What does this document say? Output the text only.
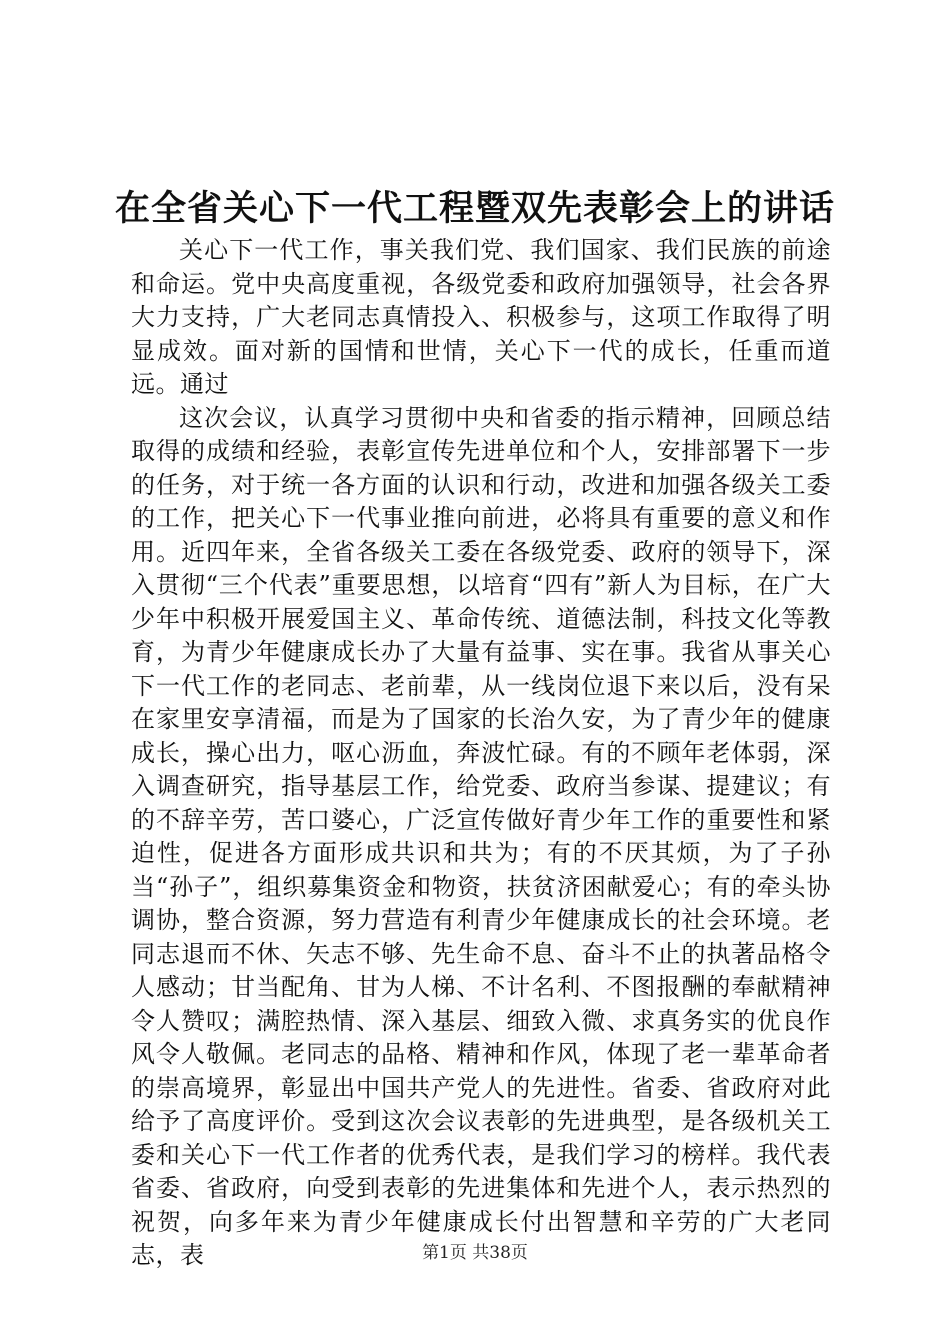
在全省关心下一代工程暨双先表彰会上的讲话

关心下一代工作，事关我们党、我们国家、我们民族的前途和命运。党中央高度重视，各级党委和政府加强领导，社会各界大力支持，广大老同志真情投入、积极参与，这项工作取得了明显成效。面对新的国情和世情，关心下一代的成长，任重而道远。通过

这次会议，认真学习贯彻中央和省委的指示精神，回顾总结取得的成绩和经验，表彰宣传先进单位和个人，安排部署下一步的任务，对于统一各方面的认识和行动，改进和加强各级关工委的工作，把关心下一代事业推向前进，必将具有重要的意义和作用。近四年来，全省各级关工委在各级党委、政府的领导下，深入贯彻“三个代表”重要思想，以培育“四有”新人为目标，在广大少年中积极开展爱国主义、革命传统、道德法制，科技文化等教育，为青少年健康成长办了大量有益事、实在事。我省从事关心下一代工作的老同志、老前辈，从一线岗位退下来以后，没有呆在家里安享清福，而是为了国家的长治久安，为了青少年的健康成长，操心出力，呕心沥血，奔波忙碌。有的不顾年老体弱，深入调查研究，指导基层工作，给党委、政府当参谋、提建议；有的不辞辛劳，苦口婆心，广泛宣传做好青少年工作的重要性和紧迫性，促进各方面形成共识和共为；有的不厌其烦，为了子孙当“孙子”，组织募集资金和物资，扶贫济困献爱心；有的牵头协调协，整合资源，努力营造有利青少年健康成长的社会环境。老同志退而不休、矢志不够、先生命不息、奋斗不止的执著品格令人感动；甘当配角、甘为人梯、不计名利、不图报酬的奉献精神令人赞叹；满腔热情、深入基层、细致入微、求真务实的优良作风令人敬佩。老同志的品格、精神和作风，体现了老一辈革命者的崇高境界，彰显出中国共产党人的先进性。省委、省政府对此给予了高度评价。受到这次会议表彰的先进典型，是各级机关工委和关心下一代工作者的优秀代表，是我们学习的榜样。我代表省委、省政府，向受到表彰的先进集体和先进个人，表示热烈的祝贺，向多年来为青少年健康成长付出智慧和辛劳的广大老同志，表	第1页 共38页
